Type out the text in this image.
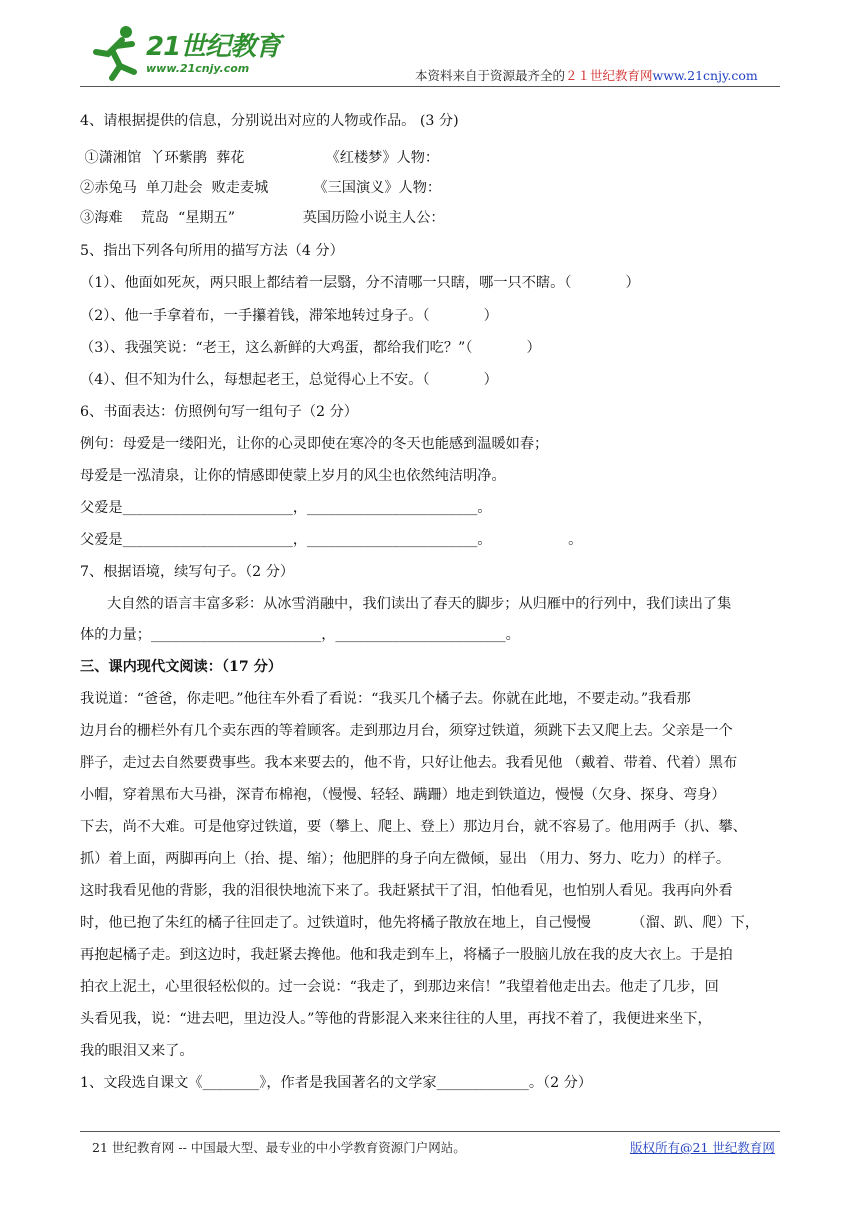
21世纪教育
www.21cnjy.com	本资料来自于资源最齐全的２１世纪教育网www.21cnjy.com
4、请根据提供的信息，分别说出对应的人物或作品。 (3 分)
①潇湘馆  丫环紫鹃  葬花                  《红楼梦》人物：
②赤兔马  单刀赴会  败走麦城          《三国演义》人物：
③海难    荒岛  “星期五”               英国历险小说主人公：
5、指出下列各句所用的描写方法（4 分）
（1）、他面如死灰，两只眼上都结着一层翳，分不清哪一只瞎，哪一只不瞎。（            ）
（2）、他一手拿着布，一手攥着钱，滞笨地转过身子。（            ）
（3）、我强笑说：“老王，这么新鲜的大鸡蛋，都给我们吃？”（            ）
（4）、但不知为什么，每想起老王，总觉得心上不安。（            ）
6、书面表达：仿照例句写一组句子（2 分）
例句：母爱是一缕阳光，让你的心灵即使在寒冷的冬天也能感到温暖如春；
母爱是一泓清泉，让你的情感即使蒙上岁月的风尘也依然纯洁明净。
父爱是________________________，________________________。
父爱是________________________，________________________。                 。
7、根据语境，续写句子。（2 分）
大自然的语言丰富多彩：从冰雪消融中，我们读出了春天的脚步；从归雁中的行列中，我们读出了集
体的力量；________________________，________________________。
三、课内现代文阅读：（17 分）
我说道：“爸爸，你走吧。”他往车外看了看说：“我买几个橘子去。你就在此地，不要走动。”我看那
边月台的栅栏外有几个卖东西的等着顾客。走到那边月台，须穿过铁道，须跳下去又爬上去。父亲是一个
胖子，走过去自然要费事些。我本来要去的，他不肯，只好让他去。我看见他 （戴着、带着、代着）黑布
小帽，穿着黑布大马褂，深青布棉袍，（慢慢、轻轻、蹒跚）地走到铁道边，慢慢（欠身、探身、弯身）
下去，尚不大难。可是他穿过铁道，要（攀上、爬上、登上）那边月台，就不容易了。他用两手（扒、攀、
抓）着上面，两脚再向上（抬、提、缩）；他肥胖的身子向左微倾，显出 （用力、努力、吃力）的样子。
这时我看见他的背影，我的泪很快地流下来了。我赶紧拭干了泪，怕他看见，也怕别人看见。我再向外看
时，他已抱了朱红的橘子往回走了。过铁道时，他先将橘子散放在地上，自己慢慢         （溜、趴、爬）下，
再抱起橘子走。到这边时，我赶紧去搀他。他和我走到车上，将橘子一股脑儿放在我的皮大衣上。于是拍
拍衣上泥土，心里很轻松似的。过一会说：“我走了，到那边来信！”我望着他走出去。他走了几步，回
头看见我，说：“进去吧，里边没人。”等他的背影混入来来往往的人里，再找不着了，我便进来坐下，
我的眼泪又来了。
1、文段选自课文《________》，作者是我国著名的文学家_____________。（2 分）
21 世纪教育网 -- 中国最大型、最专业的中小学教育资源门户网站。	版权所有@21 世纪教育网
